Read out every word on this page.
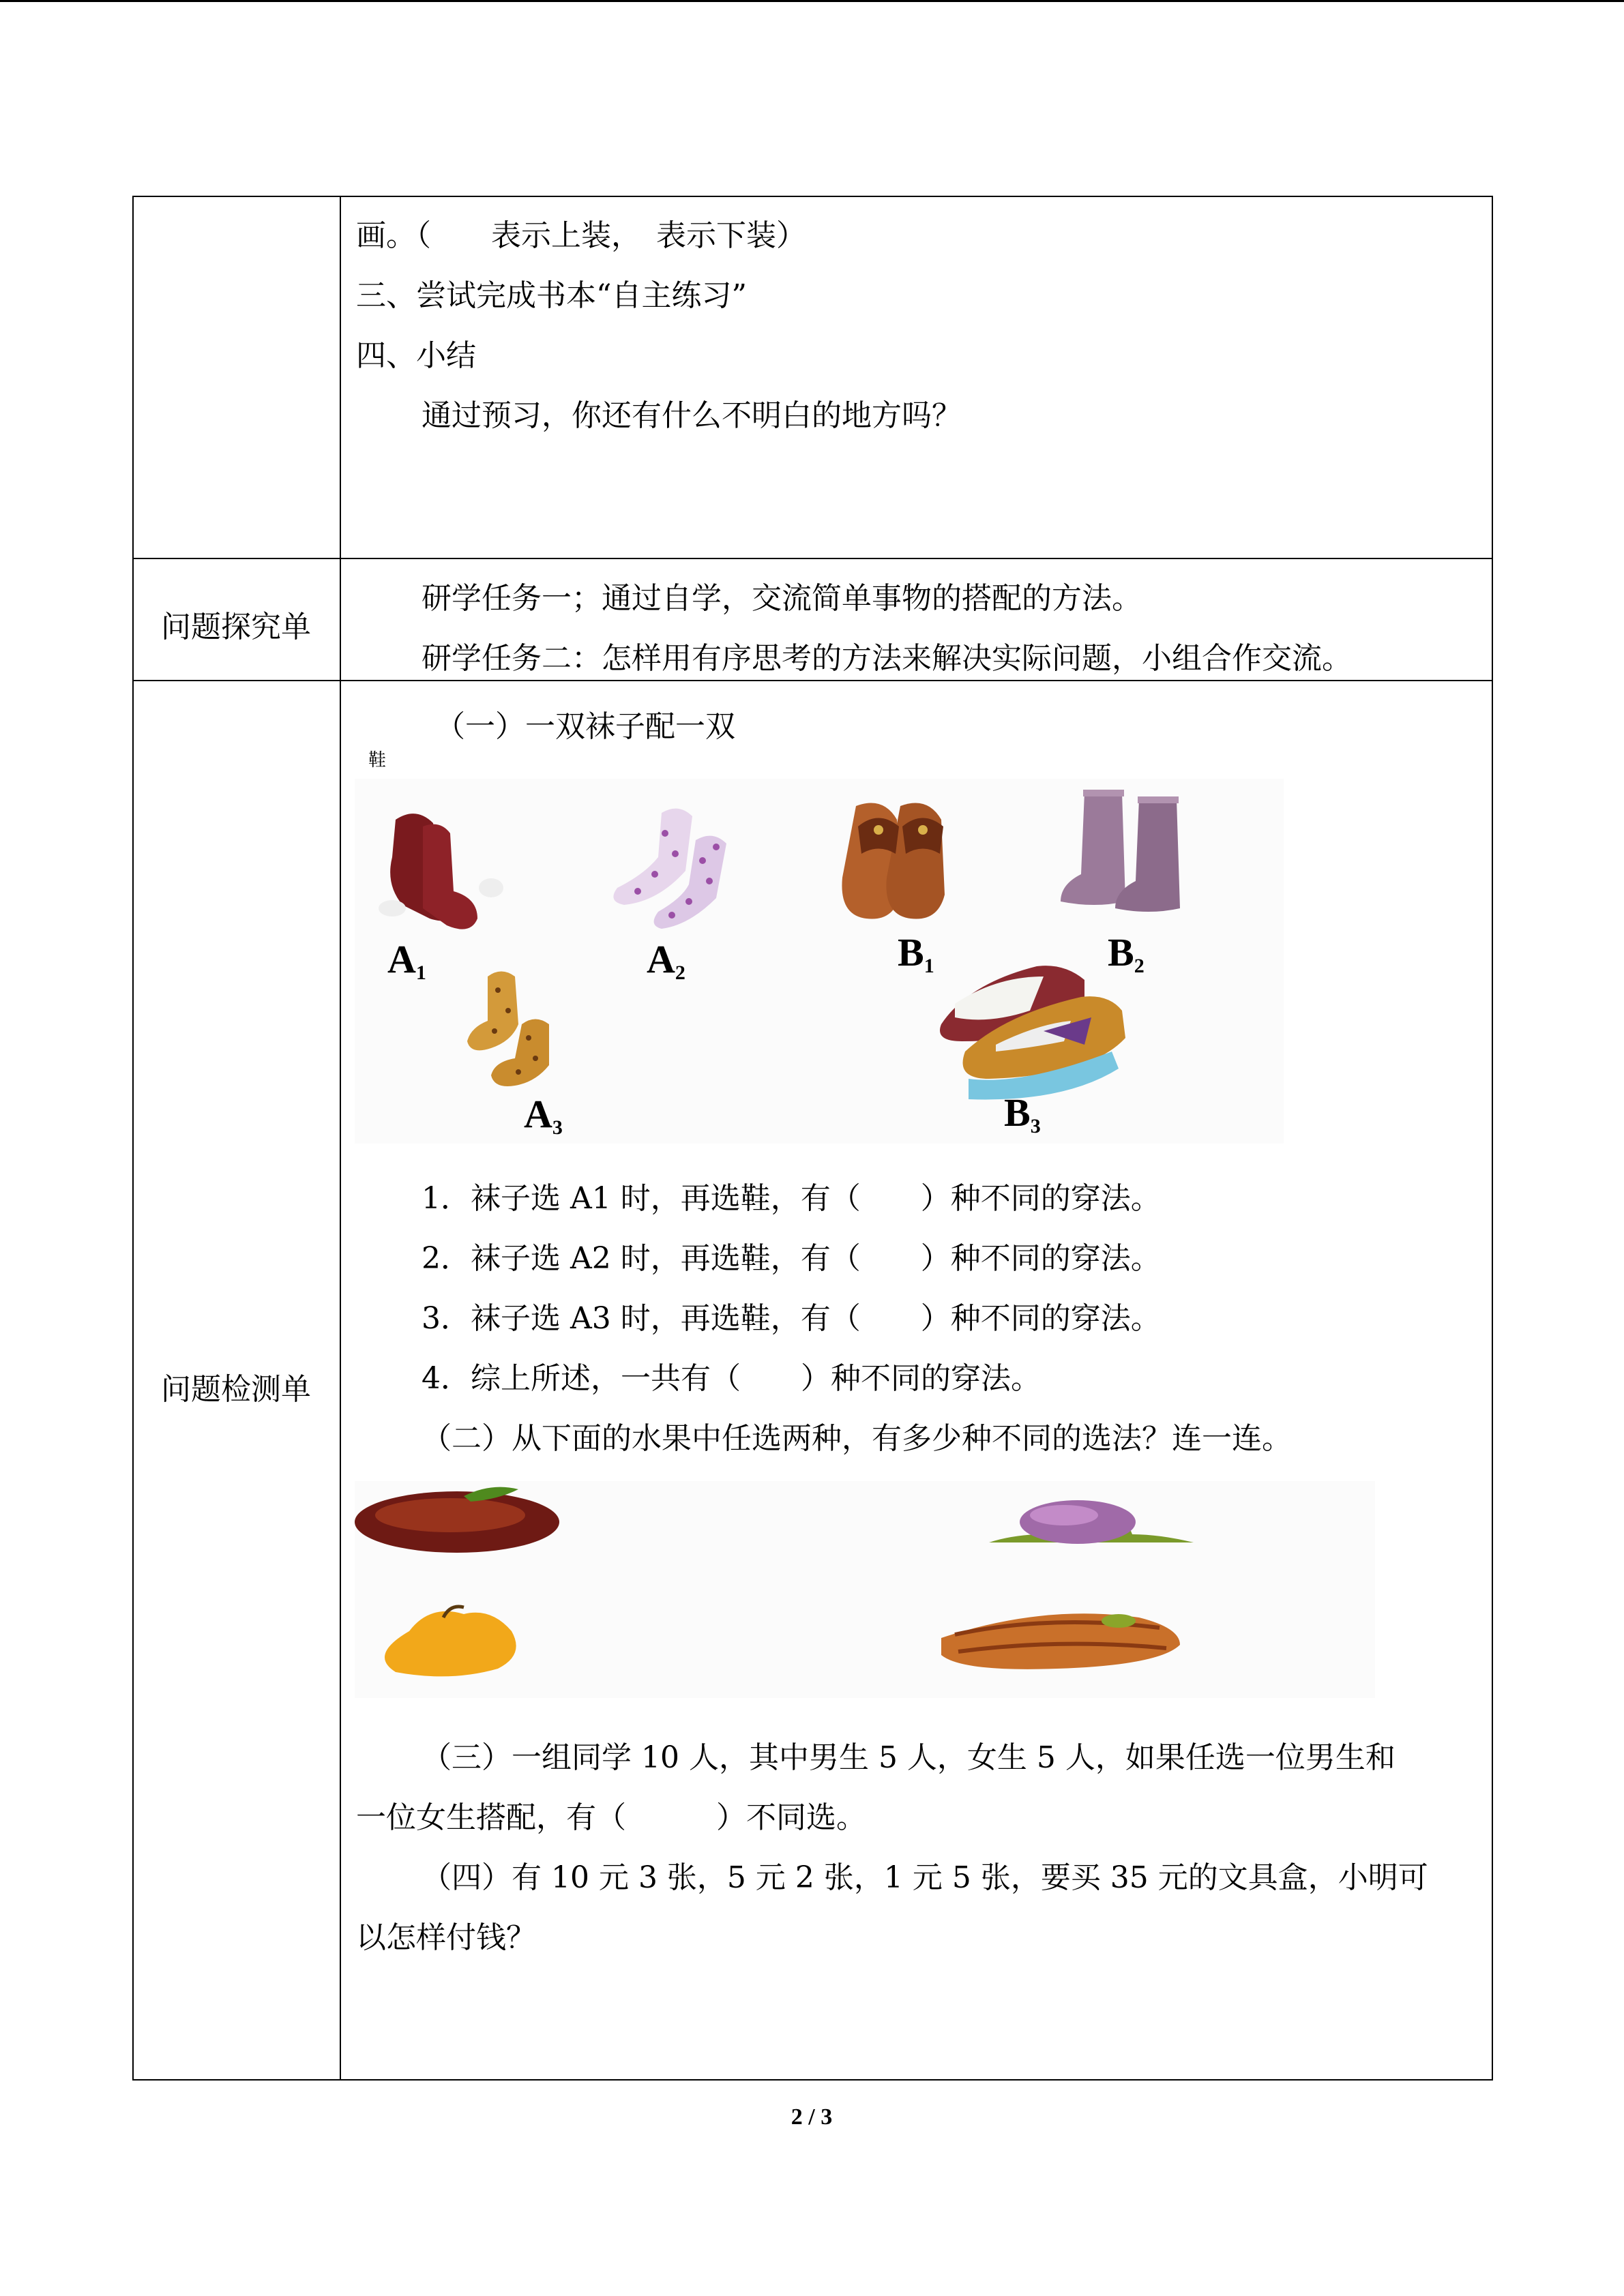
画。（　　表示上装，　表示下装）
三、尝试完成书本“自主练习”
四、小结
通过预习，你还有什么不明白的地方吗？
问题探究单
研学任务一；通过自学，交流简单事物的搭配的方法。
研学任务二：怎样用有序思考的方法来解决实际问题，小组合作交流。
问题检测单
（一）一双袜子配一双
鞋
$A_1$	$A_2$
$A_3$
$B_1$	$B_2$
$B_3$
1．袜子选 A1 时，再选鞋，有（　　）种不同的穿法。
2．袜子选 A2 时，再选鞋，有（　　）种不同的穿法。
3．袜子选 A3 时，再选鞋，有（　　）种不同的穿法。
4．综上所述，一共有（　　）种不同的穿法。
（二）从下面的水果中任选两种，有多少种不同的选法？连一连。
（三）一组同学 10 人，其中男生 5 人，女生 5 人，如果任选一位男生和
一位女生搭配，有（　　　）不同选。
（四）有 10 元 3 张，5 元 2 张，1 元 5 张，要买 35 元的文具盒，小明可
以怎样付钱？
2 / 3
